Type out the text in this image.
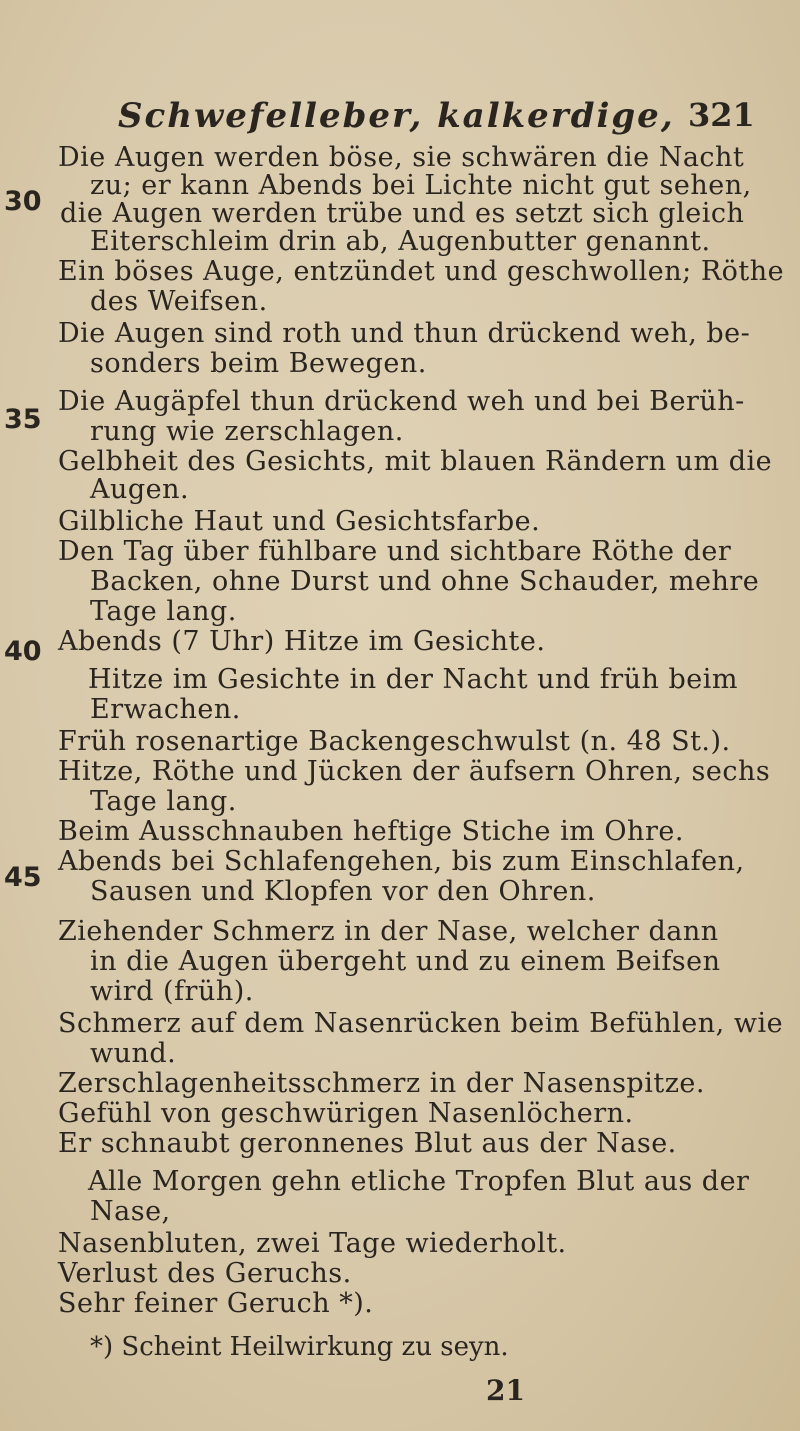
Schwefelleber, kalkerdige, 321
30
35
40
45
Die Augen werden böse, sie schwären die Nacht
zu; er kann Abends bei Lichte nicht gut sehen,
die Augen werden trübe und es setzt sich gleich
Eiterschleim drin ab, Augenbutter genannt.
Ein böses Auge, entzündet und geschwollen; Röthe
des Weifsen.
Die Augen sind roth und thun drückend weh, be-
sonders beim Bewegen.
Die Augäpfel thun drückend weh und bei Berüh-
rung wie zerschlagen.
Gelbheit des Gesichts, mit blauen Rändern um die
Augen.
Gilbliche Haut und Gesichtsfarbe.
Den Tag über fühlbare und sichtbare Röthe der
Backen, ohne Durst und ohne Schauder, mehre
Tage lang.
Abends (7 Uhr) Hitze im Gesichte.
Hitze im Gesichte in der Nacht und früh beim
Erwachen.
Früh rosenartige Backengeschwulst (n. 48 St.).
Hitze, Röthe und Jücken der äufsern Ohren, sechs
Tage lang.
Beim Ausschnauben heftige Stiche im Ohre.
Abends bei Schlafengehen, bis zum Einschlafen,
Sausen und Klopfen vor den Ohren.
Ziehender Schmerz in der Nase, welcher dann
in die Augen übergeht und zu einem Beifsen
wird (früh).
Schmerz auf dem Nasenrücken beim Befühlen, wie
wund.
Zerschlagenheitsschmerz in der Nasenspitze.
Gefühl von geschwürigen Nasenlöchern.
Er schnaubt geronnenes Blut aus der Nase.
Alle Morgen gehn etliche Tropfen Blut aus der
Nase,
Nasenbluten, zwei Tage wiederholt.
Verlust des Geruchs.
Sehr feiner Geruch *).
*) Scheint Heilwirkung zu seyn.
21
